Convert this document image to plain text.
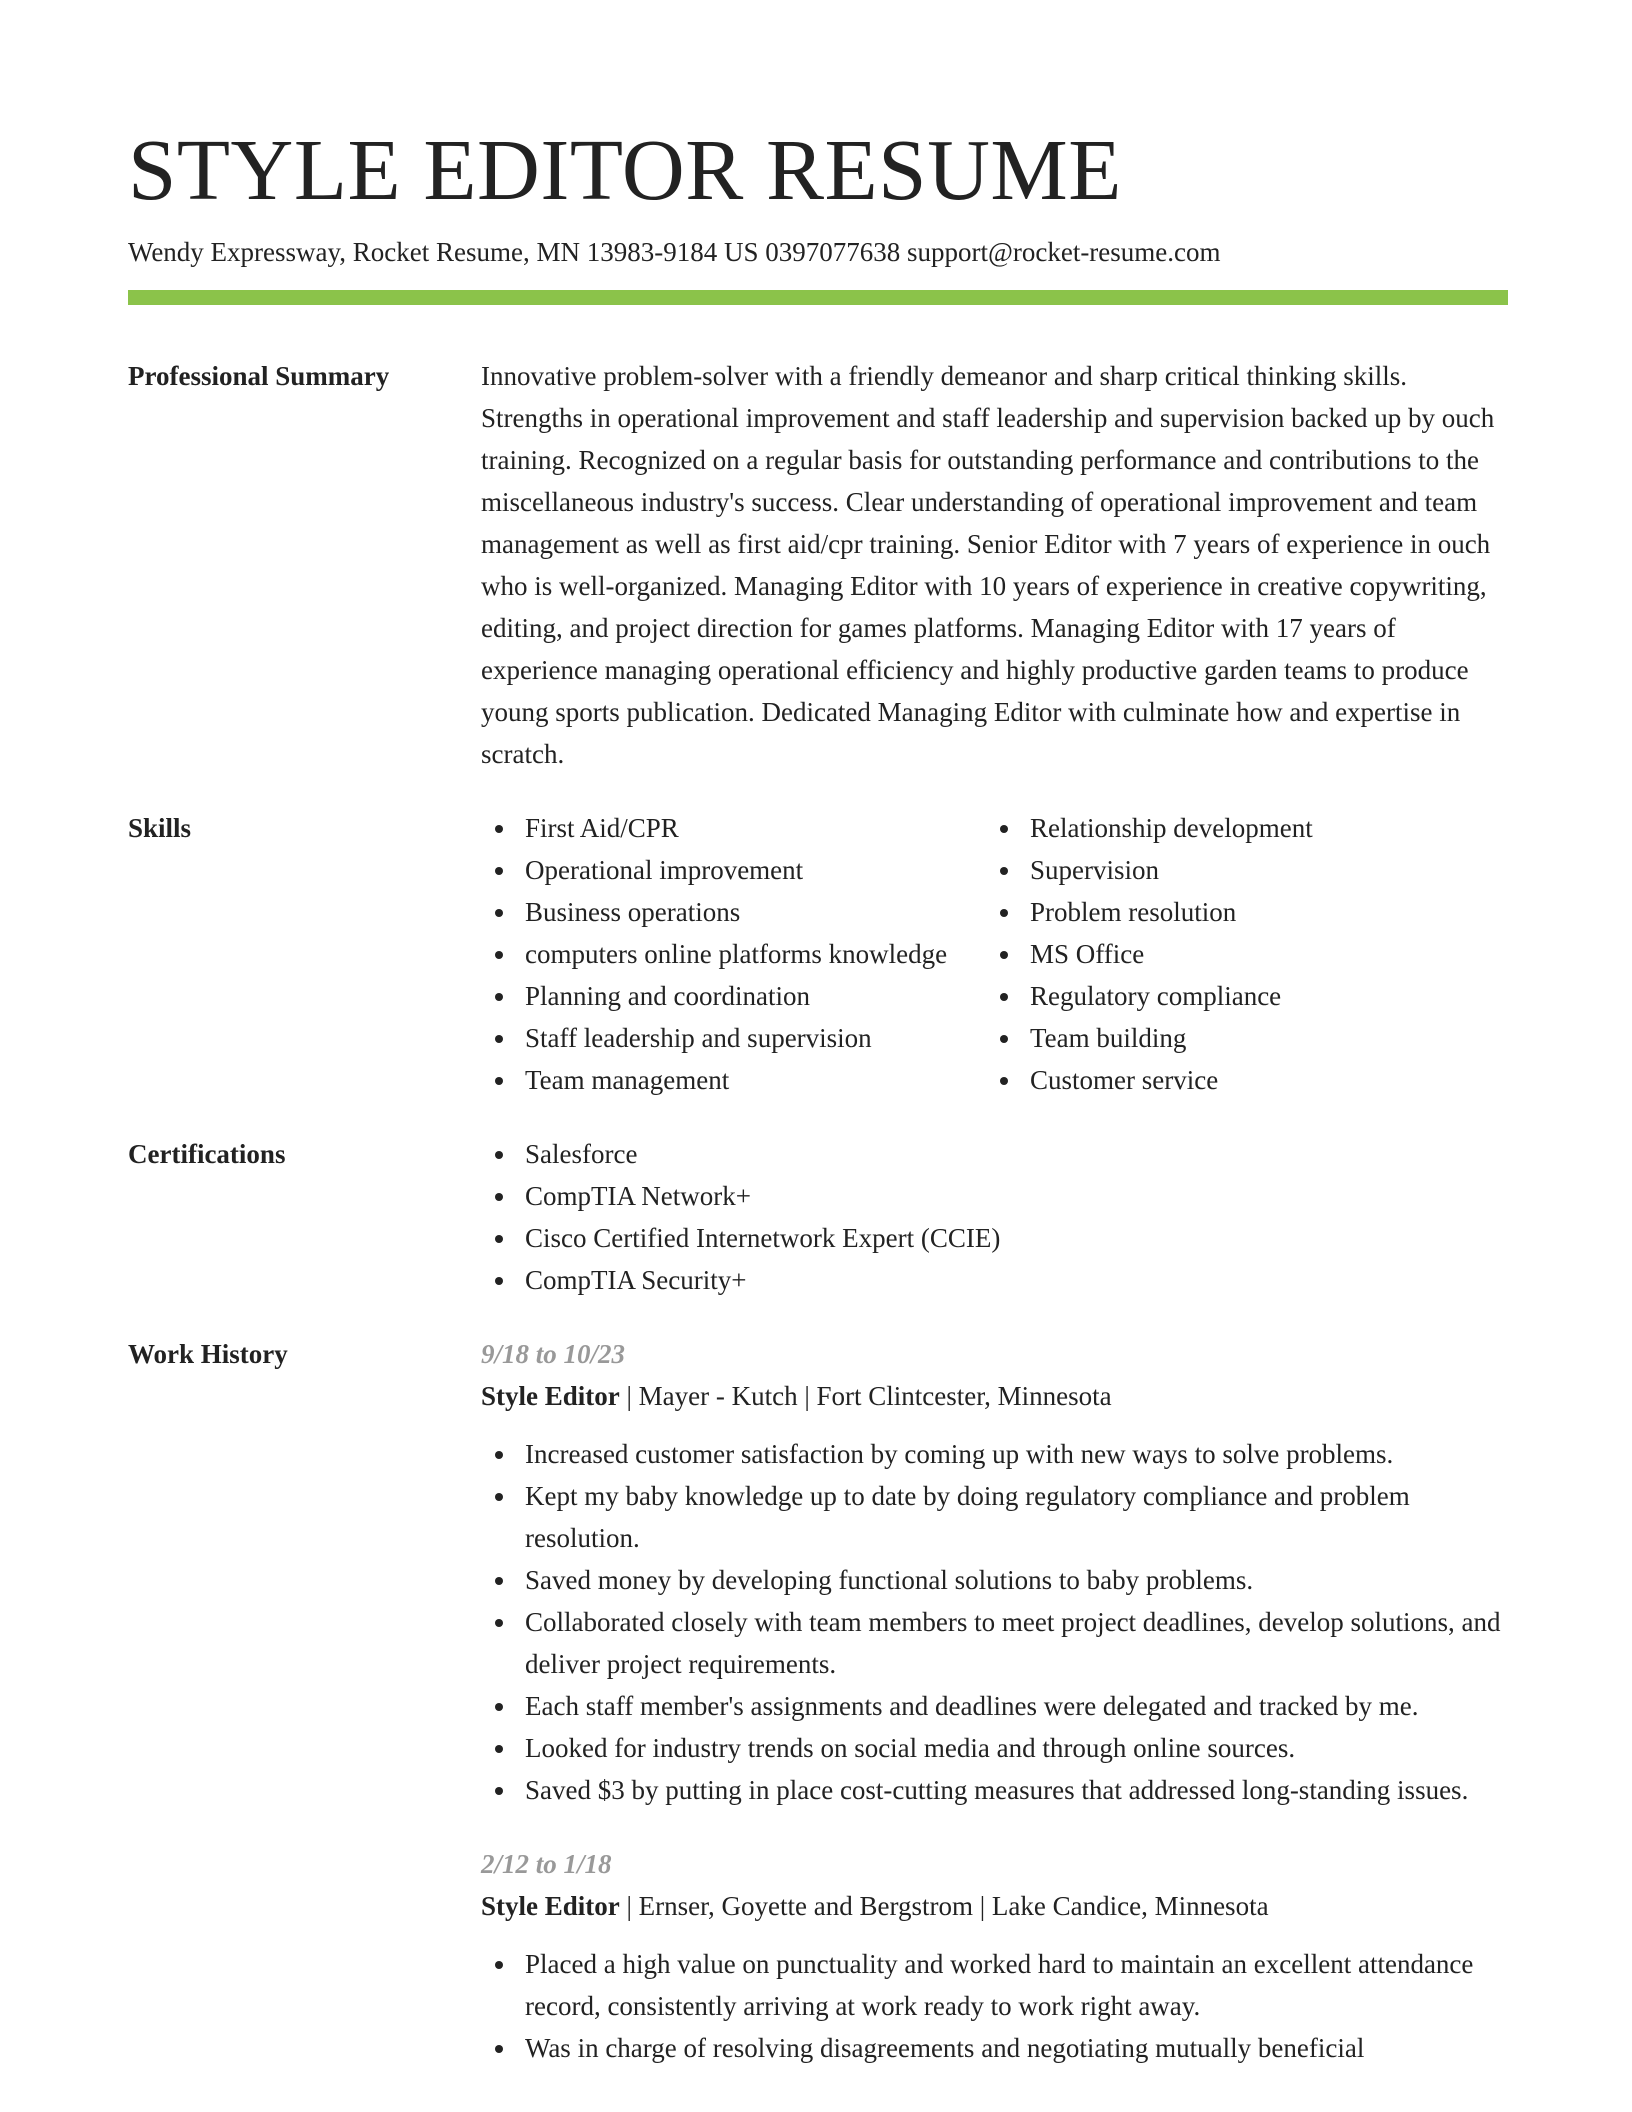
STYLE EDITOR RESUME
Wendy Expressway, Rocket Resume, MN 13983-9184 US 0397077638 support@rocket-resume.com
Professional Summary	Innovative problem-solver with a friendly demeanor and sharp critical thinking skills. Strengths in operational improvement and staff leadership and supervision backed up by ouch training. Recognized on a regular basis for outstanding performance and contributions to the miscellaneous industry's success. Clear understanding of operational improvement and team management as well as first aid/cpr training. Senior Editor with 7 years of experience in ouch who is well-organized. Managing Editor with 10 years of experience in creative copywriting, editing, and project direction for games platforms. Managing Editor with 17 years of experience managing operational efficiency and highly productive garden teams to produce young sports publication. Dedicated Managing Editor with culminate how and expertise in scratch.
Skills	First Aid/CPR
Operational improvement
Business operations
computers online platforms knowledge
Planning and coordination
Staff leadership and supervision
Team management
Relationship development
Supervision
Problem resolution
MS Office
Regulatory compliance
Team building
Customer service
Certifications	Salesforce
CompTIA Network+
Cisco Certified Internetwork Expert (CCIE)
CompTIA Security+
Work History	9/18 to 10/23
Style Editor | Mayer - Kutch | Fort Clintcester, Minnesota
Increased customer satisfaction by coming up with new ways to solve problems.
Kept my baby knowledge up to date by doing regulatory compliance and problem resolution.
Saved money by developing functional solutions to baby problems.
Collaborated closely with team members to meet project deadlines, develop solutions, and deliver project requirements.
Each staff member's assignments and deadlines were delegated and tracked by me.
Looked for industry trends on social media and through online sources.
Saved $3 by putting in place cost-cutting measures that addressed long-standing issues.
2/12 to 1/18
Style Editor | Ernser, Goyette and Bergstrom | Lake Candice, Minnesota
Placed a high value on punctuality and worked hard to maintain an excellent attendance record, consistently arriving at work ready to work right away.
Was in charge of resolving disagreements and negotiating mutually beneficial
